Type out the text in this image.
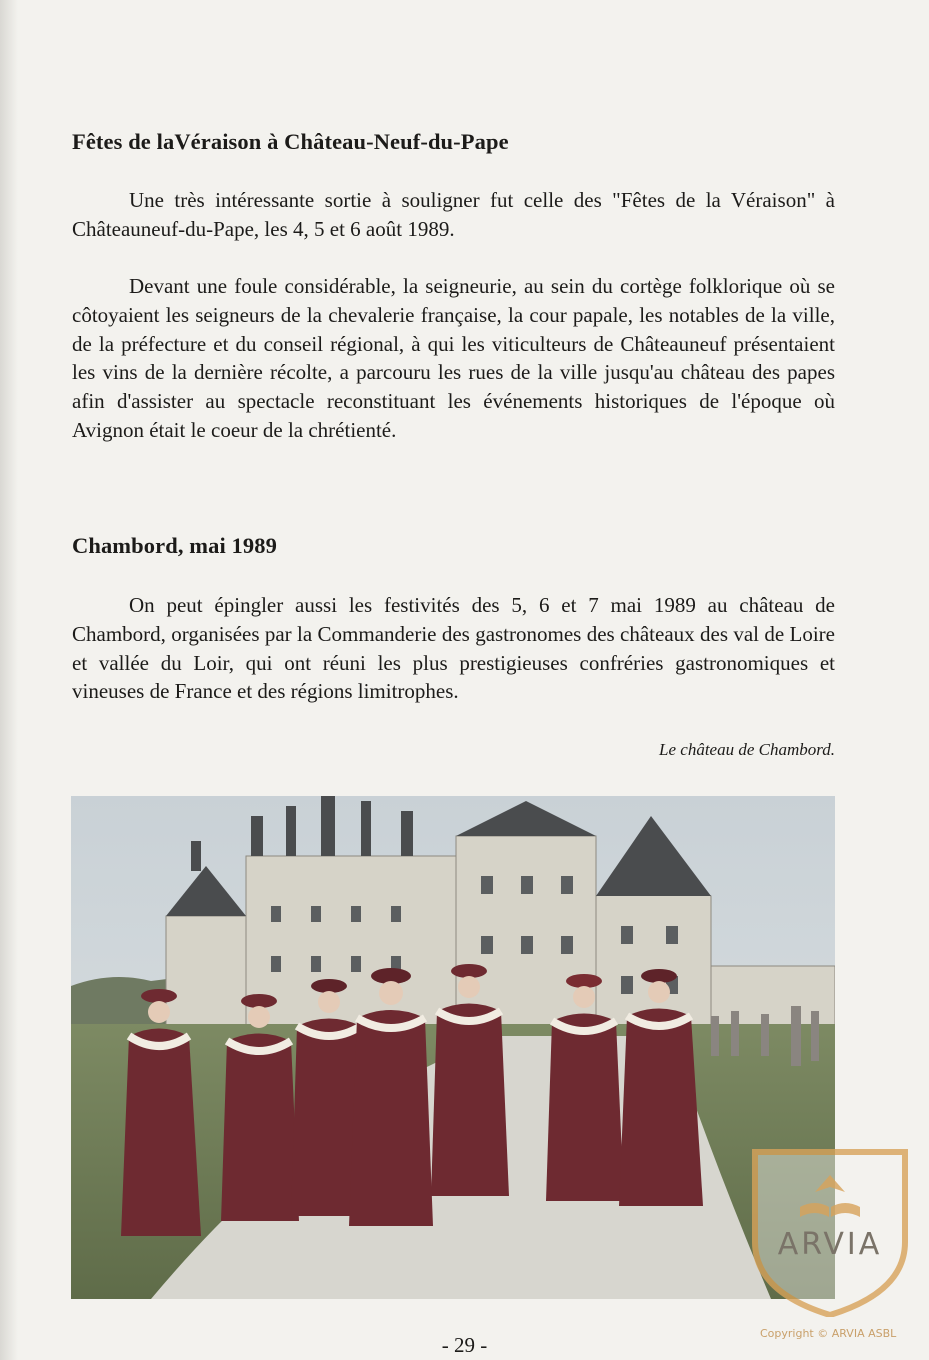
Fêtes de laVéraison à Château-Neuf-du-Pape

Une très intéressante sortie à souligner fut celle des "Fêtes de la Véraison" à Châteauneuf-du-Pape, les 4, 5 et 6 août 1989.

Devant une foule considérable, la seigneurie, au sein du cortège folklorique où se côtoyaient les seigneurs de la chevalerie française, la cour papale, les notables de la ville, de la préfecture et du conseil régional, à qui les viticulteurs de Châteauneuf présentaient les vins de la dernière récolte, a parcouru les rues de la ville jusqu'au château des papes afin d'assister au spectacle reconstituant les événements historiques de l'époque où Avignon était le coeur de la chrétienté.

Chambord, mai 1989

On peut épingler aussi les festivités des 5, 6 et 7 mai 1989 au château de Chambord, organisées par la Commanderie des gastronomes des châteaux des val de Loire et vallée du Loir, qui ont réuni les plus prestigieuses confréries gastronomiques et vineuses de France et des régions limitrophes.

Le château de Chambord.
- 29 -
ARVIA
Copyright © ARVIA ASBL
